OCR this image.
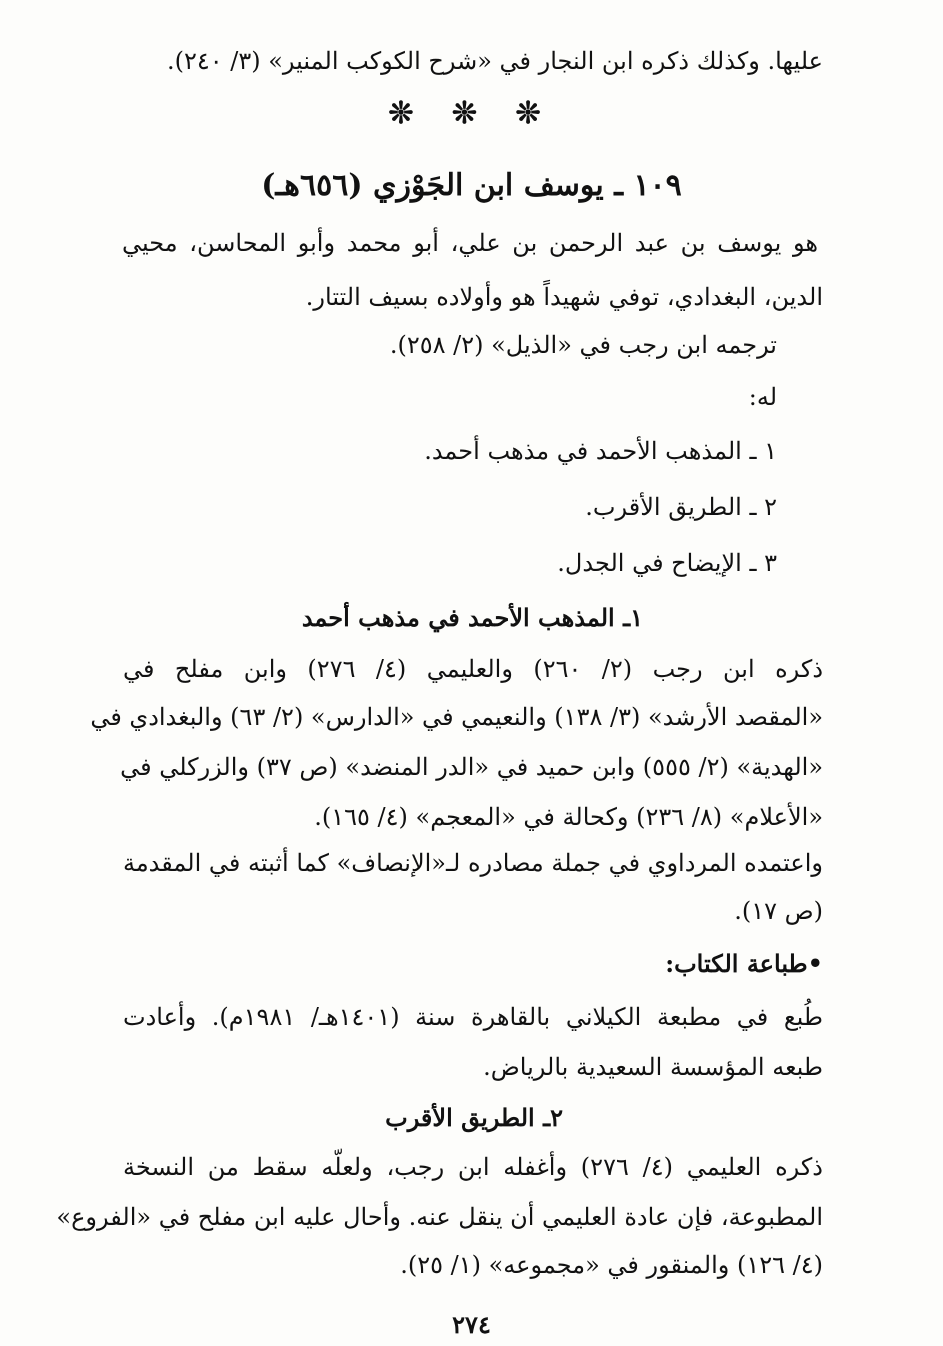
عليها. وكذلك ذكره ابن النجار في «شرح الكوكب المنير» (٣/ ٢٤٠).
❊ ❊ ❊
١٠٩ ـ يوسف ابن الجَوْزي (٦٥٦هـ)
هو يوسف بن عبد الرحمن بن علي، أبو محمد وأبو المحاسن، محيي
الدين، البغدادي، توفي شهيداً هو وأولاده بسيف التتار.
ترجمه ابن رجب في «الذيل» (٢/ ٢٥٨).
له:
١ ـ المذهب الأحمد في مذهب أحمد.
٢ ـ الطريق الأقرب.
٣ ـ الإيضاح في الجدل.
١ـ المذهب الأحمد في مذهب أحمد
ذكره ابن رجب (٢/ ٢٦٠) والعليمي (٤/ ٢٧٦) وابن مفلح في
«المقصد الأرشد» (٣/ ١٣٨) والنعيمي في «الدارس» (٢/ ٦٣) والبغدادي في
«الهدية» (٢/ ٥٥٥) وابن حميد في «الدر المنضد» (ص ٣٧) والزركلي في
«الأعلام» (٨/ ٢٣٦) وكحالة في «المعجم» (٤/ ١٦٥).
واعتمده المرداوي في جملة مصادره لـ«الإنصاف» كما أثبته في المقدمة
(ص ١٧).
•طباعة الكتاب:
طُبع في مطبعة الكيلاني بالقاهرة سنة (١٤٠١هـ/ ١٩٨١م). وأعادت
طبعه المؤسسة السعيدية بالرياض.
٢ـ الطريق الأقرب
ذكره العليمي (٤/ ٢٧٦) وأغفله ابن رجب، ولعلّه سقط من النسخة
المطبوعة، فإن عادة العليمي أن ينقل عنه. وأحال عليه ابن مفلح في «الفروع»
(٤/ ١٢٦) والمنقور في «مجموعه» (١/ ٢٥).
٢٧٤
